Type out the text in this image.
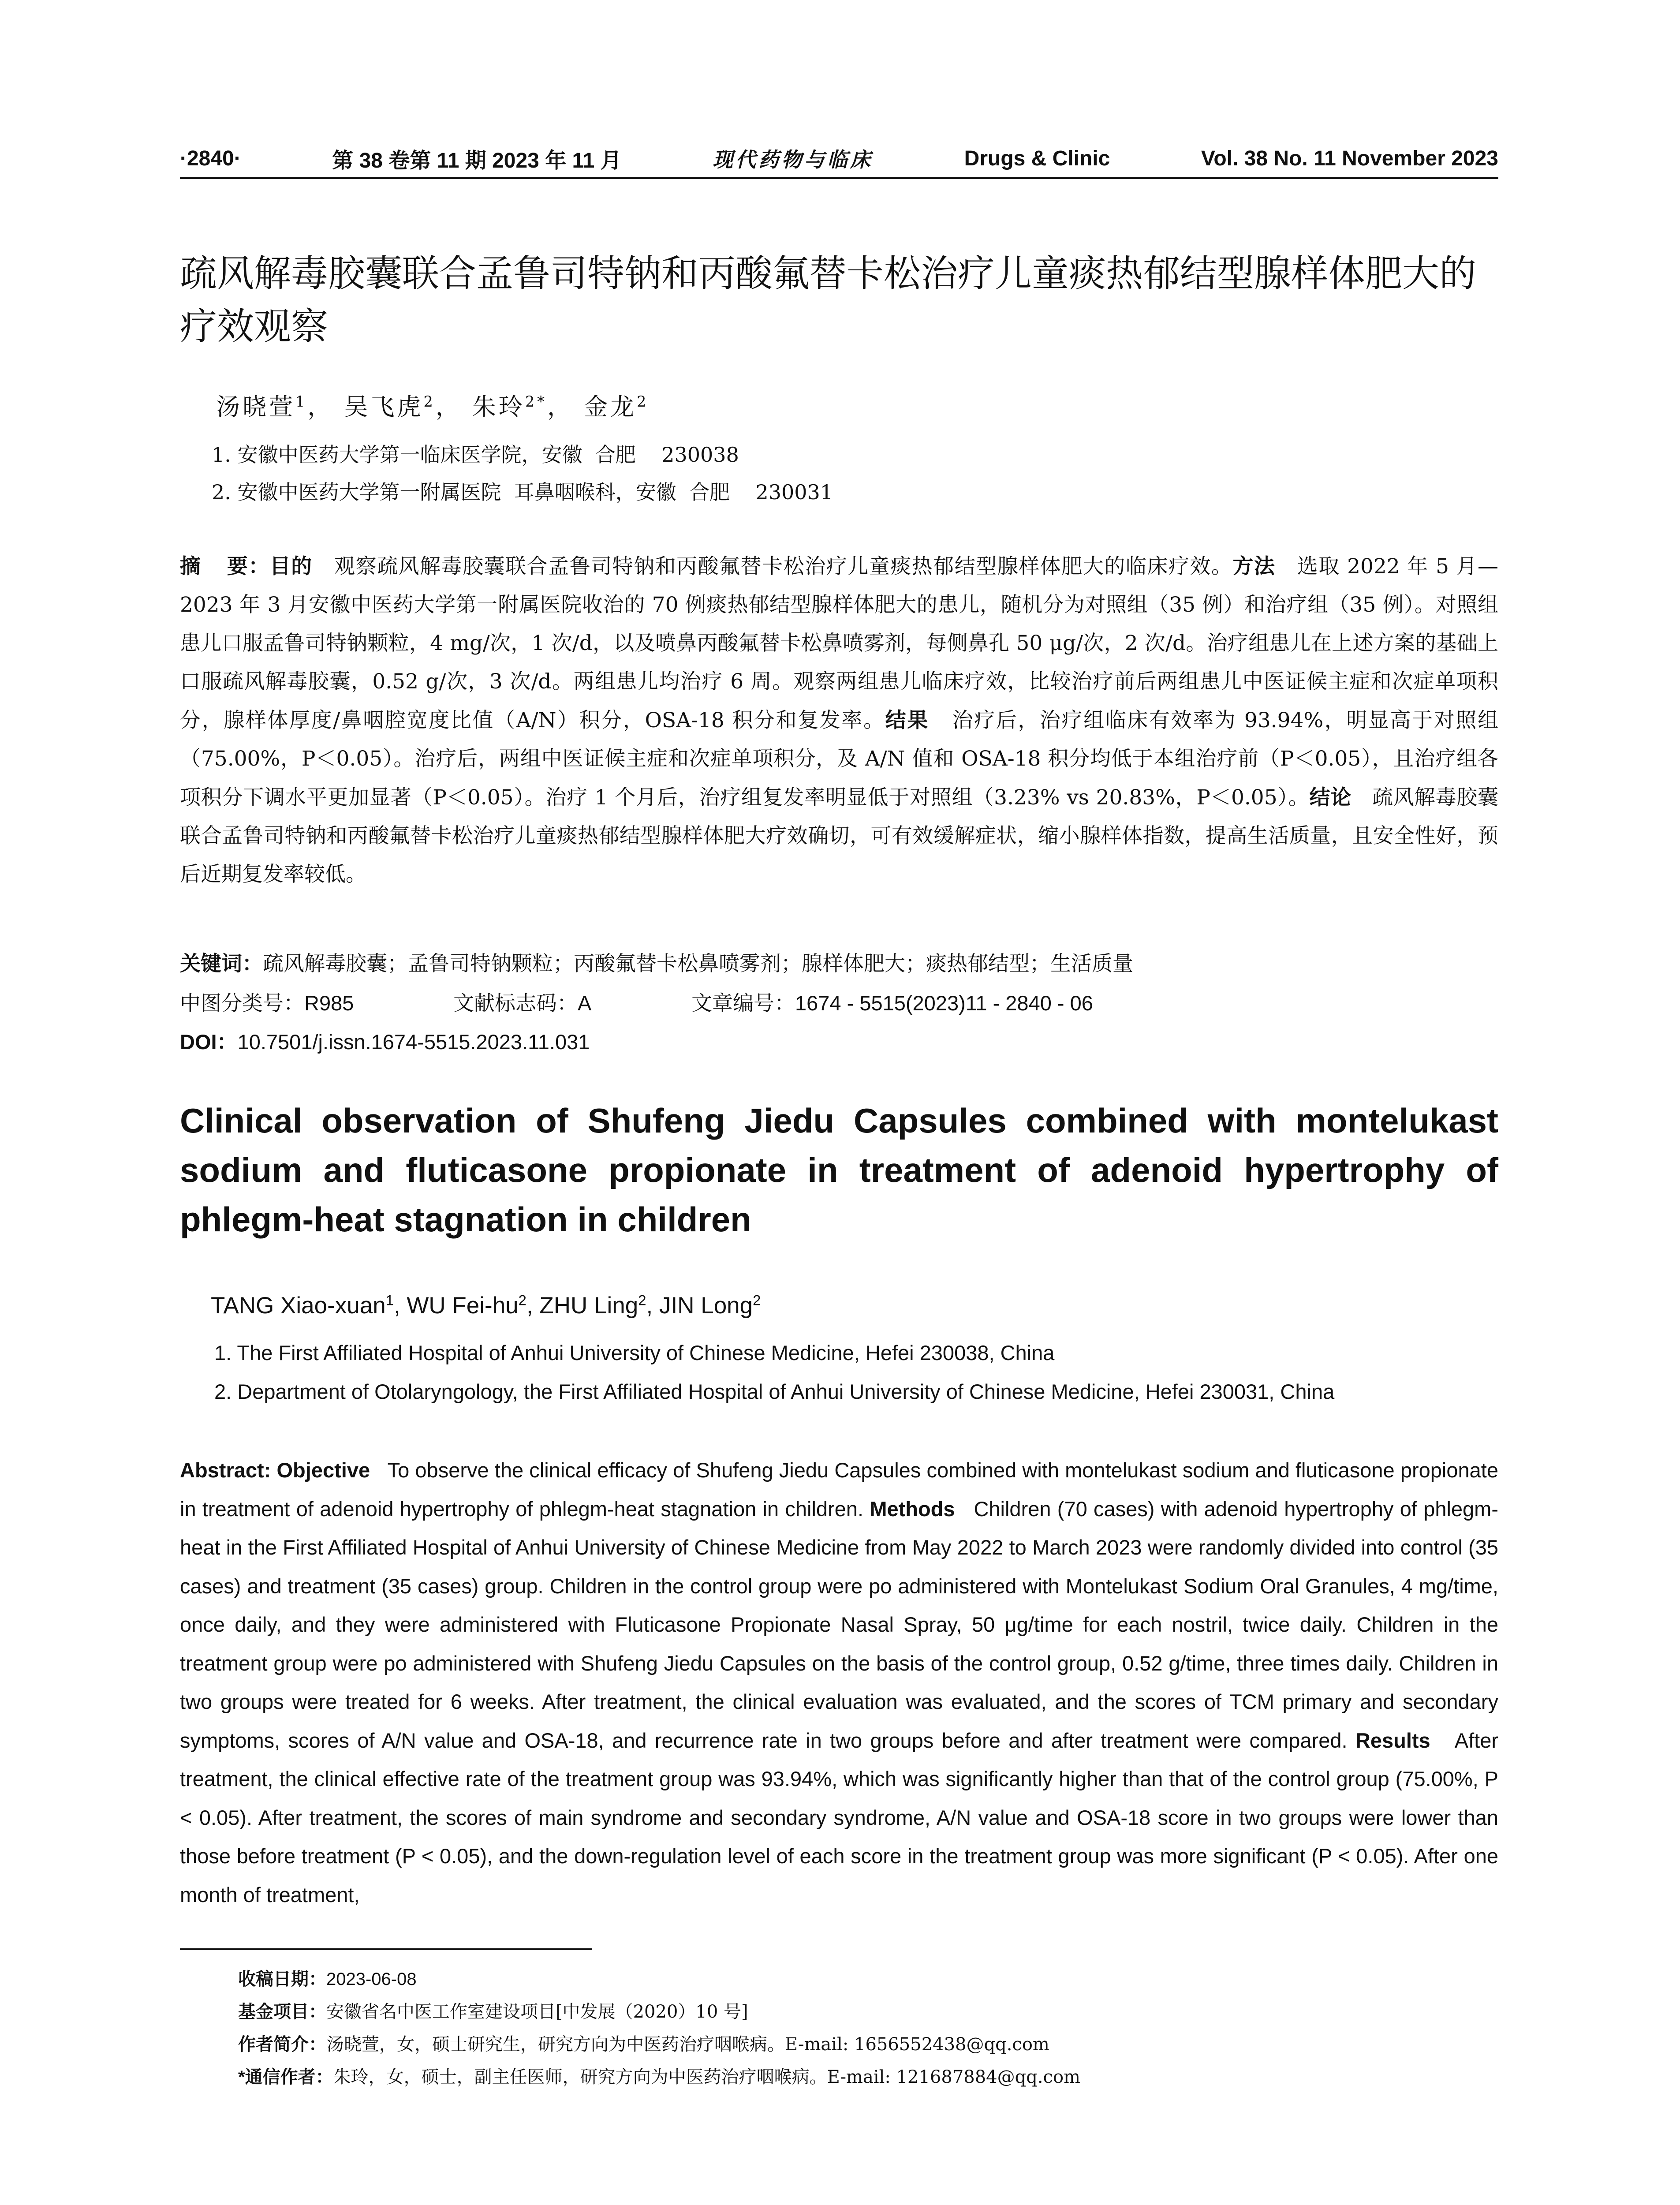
·2840·	第 38 卷第 11 期 2023 年 11 月	现代药物与临床	Drugs & Clinic	Vol. 38 No. 11 November 2023
疏风解毒胶囊联合孟鲁司特钠和丙酸氟替卡松治疗儿童痰热郁结型腺样体肥大的疗效观察
汤晓萱$^1$， 吴飞虎$^2$， 朱玲$^{2*}$， 金龙$^2$
1. 安徽中医药大学第一临床医学院，安徽  合肥    230038
2. 安徽中医药大学第一附属医院  耳鼻咽喉科，安徽  合肥    230031
摘    要：目的 观察疏风解毒胶囊联合孟鲁司特钠和丙酸氟替卡松治疗儿童痰热郁结型腺样体肥大的临床疗效。方法 选取 2022 年 5 月—2023 年 3 月安徽中医药大学第一附属医院收治的 70 例痰热郁结型腺样体肥大的患儿，随机分为对照组（35 例）和治疗组（35 例）。对照组患儿口服孟鲁司特钠颗粒，4 mg/次，1 次/d，以及喷鼻丙酸氟替卡松鼻喷雾剂，每侧鼻孔 50 μg/次，2 次/d。治疗组患儿在上述方案的基础上口服疏风解毒胶囊，0.52 g/次，3 次/d。两组患儿均治疗 6 周。观察两组患儿临床疗效，比较治疗前后两组患儿中医证候主症和次症单项积分，腺样体厚度/鼻咽腔宽度比值（A/N）积分，OSA-18 积分和复发率。结果 治疗后，治疗组临床有效率为 93.94%，明显高于对照组（75.00%，P＜0.05）。治疗后，两组中医证候主症和次症单项积分，及 A/N 值和 OSA-18 积分均低于本组治疗前（P＜0.05），且治疗组各项积分下调水平更加显著（P＜0.05）。治疗 1 个月后，治疗组复发率明显低于对照组（3.23% vs 20.83%，P＜0.05）。结论 疏风解毒胶囊联合孟鲁司特钠和丙酸氟替卡松治疗儿童痰热郁结型腺样体肥大疗效确切，可有效缓解症状，缩小腺样体指数，提高生活质量，且安全性好，预后近期复发率较低。
关键词：疏风解毒胶囊；孟鲁司特钠颗粒；丙酸氟替卡松鼻喷雾剂；腺样体肥大；痰热郁结型；生活质量
中图分类号：R985	文献标志码：A	文章编号：1674 - 5515(2023)11 - 2840 - 06
DOI：10.7501/j.issn.1674-5515.2023.11.031
Clinical observation of Shufeng Jiedu Capsules combined with montelukast sodium and fluticasone propionate in treatment of adenoid hypertrophy of phlegm-heat stagnation in children
TANG Xiao-xuan$^1$, WU Fei-$hu^2$, ZHU Ling$^2$, JIN Long$^2$
1. The First Affiliated Hospital of Anhui University of Chinese Medicine, Hefei 230038, China
2. Department of Otolaryngology, the First Affiliated Hospital of Anhui University of Chinese Medicine, Hefei 230031, China
Abstract: Objective To observe the clinical efficacy of Shufeng Jiedu Capsules combined with montelukast sodium and fluticasone propionate in treatment of adenoid hypertrophy of phlegm-heat stagnation in children. Methods Children (70 cases) with adenoid hypertrophy of phlegm-heat in the First Affiliated Hospital of Anhui University of Chinese Medicine from May 2022 to March 2023 were randomly divided into control (35 cases) and treatment (35 cases) group. Children in the control group were po administered with Montelukast Sodium Oral Granules, 4 mg/time, once daily, and they were administered with Fluticasone Propionate Nasal Spray, 50 μg/time for each nostril, twice daily. Children in the treatment group were po administered with Shufeng Jiedu Capsules on the basis of the control group, 0.52 g/time, three times daily. Children in two groups were treated for 6 weeks. After treatment, the clinical evaluation was evaluated, and the scores of TCM primary and secondary symptoms, scores of A/N value and OSA-18, and recurrence rate in two groups before and after treatment were compared. Results After treatment, the clinical effective rate of the treatment group was 93.94%, which was significantly higher than that of the control group (75.00%, P < 0.05). After treatment, the scores of main syndrome and secondary syndrome, A/N value and OSA-18 score in two groups were lower than those before treatment (P < 0.05), and the down-regulation level of each score in the treatment group was more significant (P < 0.05). After one month of treatment,
收稿日期：2023-06-08
基金项目：安徽省名中医工作室建设项目[中发展（2020）10 号]
作者简介：汤晓萱，女，硕士研究生，研究方向为中医药治疗咽喉病。E-mail: 1656552438@qq.com
*通信作者：朱玲，女，硕士，副主任医师，研究方向为中医药治疗咽喉病。E-mail: 121687884@qq.com
